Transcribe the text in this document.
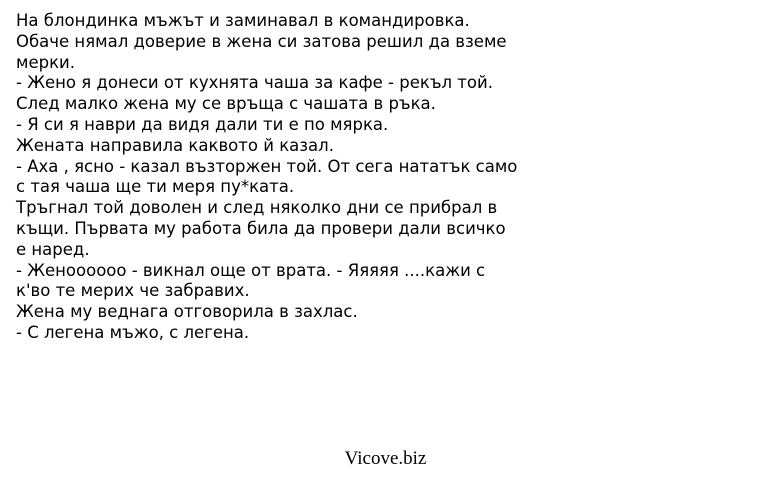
На блондинка мъжът и заминавал в командировка.
Обаче нямал доверие в жена си затова решил да вземе
мерки.
- Жено я донеси от кухнята чаша за кафе - рекъл той.
След малко жена му се връща с чашата в ръка.
- Я си я наври да видя дали ти е по мярка.
Жената направила каквото й казал.
- Аха , ясно - казал възторжен той. От сега нататък само
с тая чаша ще ти меря пу*ката.
Тръгнал той доволен и след няколко дни се прибрал в
къщи. Първата му работа била да провери дали всичко
е наред.
- Женоооооо - викнал още от врата. - Яяяяя ....кажи с
к'во те мерих че забравих.
Жена му веднага отговорила в захлас.
- С легена мъжо, с легена.
Vicove.biz
